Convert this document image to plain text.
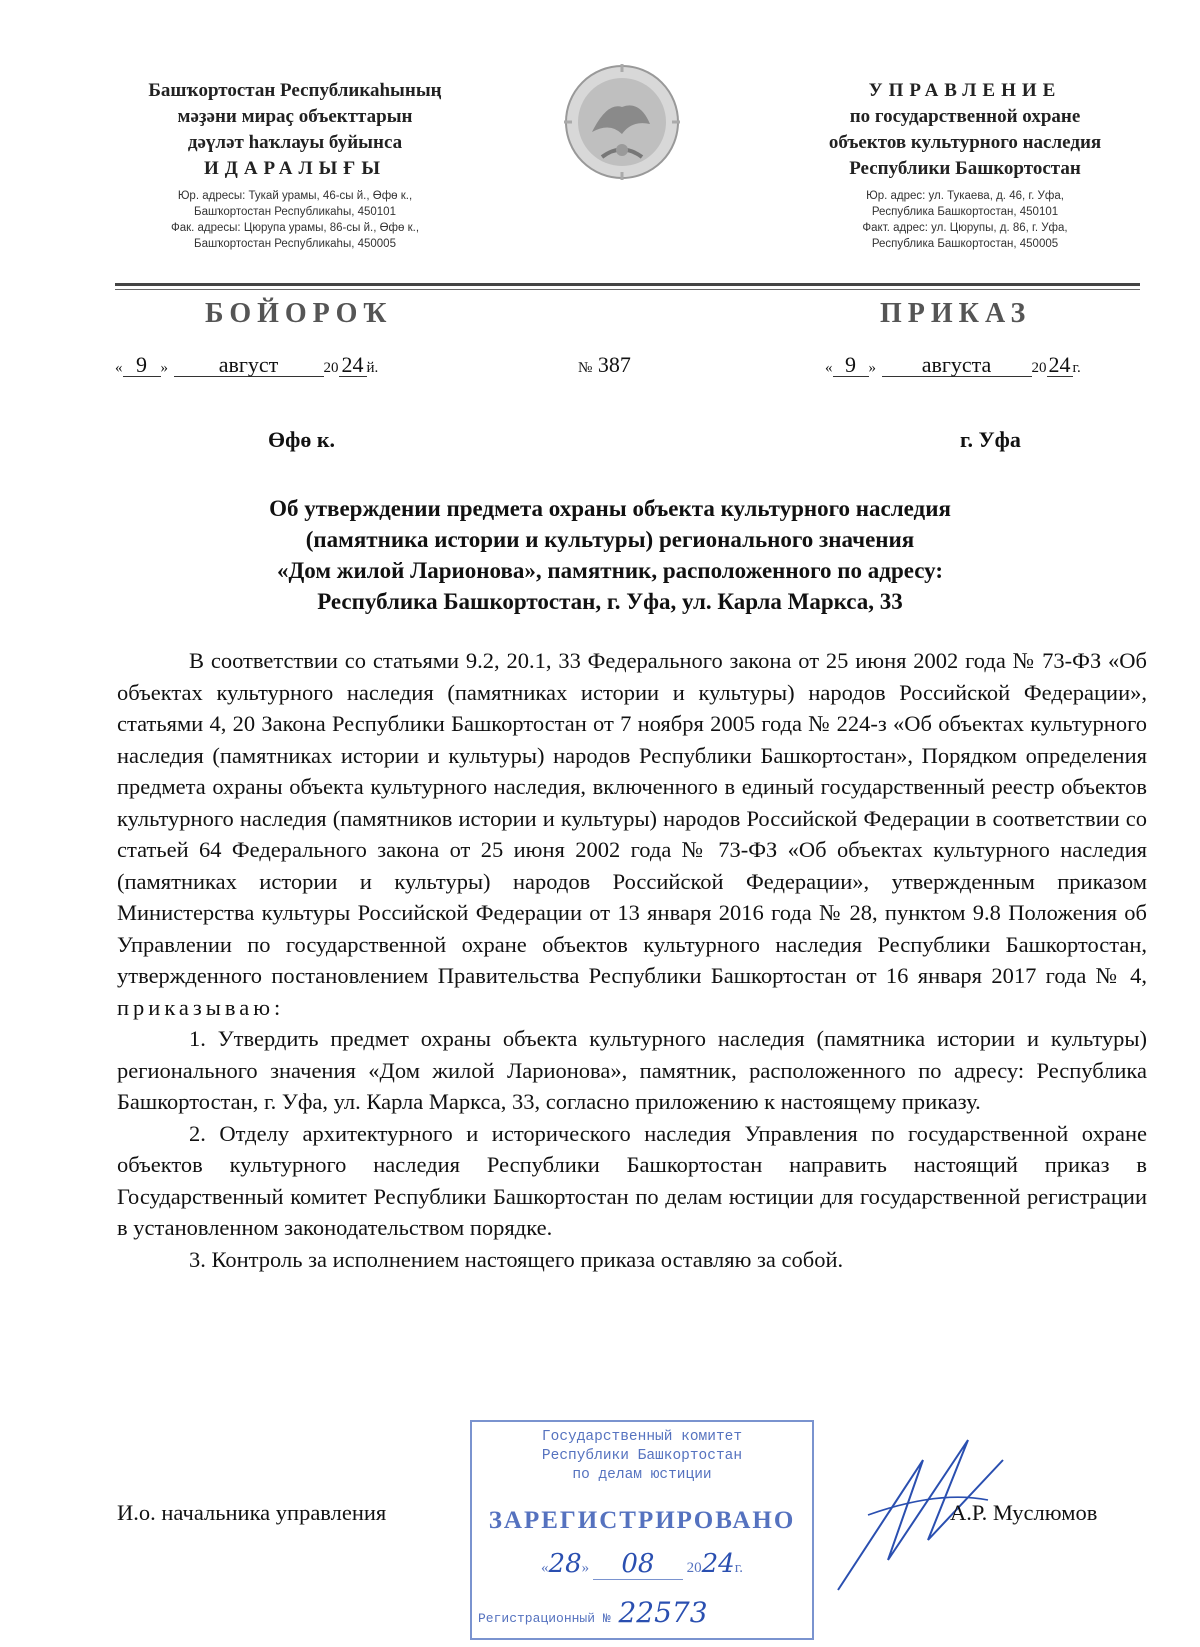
Башҡортостан Республикаһының
мәҙәни мираҫ объекттарын
дәүләт һаҡлауы буйынса
ИДАРАЛЫҒЫ
Юр. адресы: Тукай урамы, 46-сы й., Өфө к.,
Башҡортостан Республикаһы, 450101
Фак. адресы: Цюрупа урамы, 86-сы й., Өфө к.,
Башҡортостан Республикаһы, 450005
УПРАВЛЕНИЕ
по государственной охране
объектов культурного наследия
Республики Башкортостан
Юр. адрес: ул. Тукаева, д. 46, г. Уфа,
Республика Башкортостан, 450101
Факт. адрес: ул. Цюрупы, д. 86, г. Уфа,
Республика Башкортостан, 450005
БОЙОРОҠ	ПРИКАЗ
« 9 » август	20 24 й.	№ 387	« 9 » августа	2024 г.
Өфө к.	г. Уфа
Об утверждении предмета охраны объекта культурного наследия
(памятника истории и культуры) регионального значения
«Дом жилой Ларионова», памятник, расположенного по адресу:
Республика Башкортостан, г. Уфа, ул. Карла Маркса, 33

В соответствии со статьями 9.2, 20.1, 33 Федерального закона от 25 июня 2002 года № 73-ФЗ «Об объектах культурного наследия (памятниках истории и культуры) народов Российской Федерации», статьями 4, 20 Закона Республики Башкортостан от 7 ноября 2005 года № 224-з «Об объектах культурного наследия (памятниках истории и культуры) народов Республики Башкортостан», Порядком определения предмета охраны объекта культурного наследия, включенного в единый государственный реестр объектов культурного наследия (памятников истории и культуры) народов Российской Федерации в соответствии со статьей 64 Федерального закона от 25 июня 2002 года № 73-ФЗ «Об объектах культурного наследия (памятниках истории и культуры) народов Российской Федерации», утвержденным приказом Министерства культуры Российской Федерации от 13 января 2016 года № 28, пунктом 9.8 Положения об Управлении по государственной охране объектов культурного наследия Республики Башкортостан, утвержденного постановлением Правительства Республики Башкортостан от 16 января 2017 года № 4, приказываю:

1. Утвердить предмет охраны объекта культурного наследия (памятника истории и культуры) регионального значения «Дом жилой Ларионова», памятник, расположенного по адресу: Республика Башкортостан, г. Уфа, ул. Карла Маркса, 33, согласно приложению к настоящему приказу.

2. Отделу архитектурного и исторического наследия Управления по государственной охране объектов культурного наследия Республики Башкортостан направить настоящий приказ в Государственный комитет Республики Башкортостан по делам юстиции для государственной регистрации в установленном законодательством порядке.

3. Контроль за исполнением настоящего приказа оставляю за собой.

И.о. начальника управления	А.Р. Муслюмов
Государственный комитет
Республики Башкортостан
по делам юстиции
ЗАРЕГИСТРИРОВАНО
«28» 08 2024г.
Регистрационный № 22573
